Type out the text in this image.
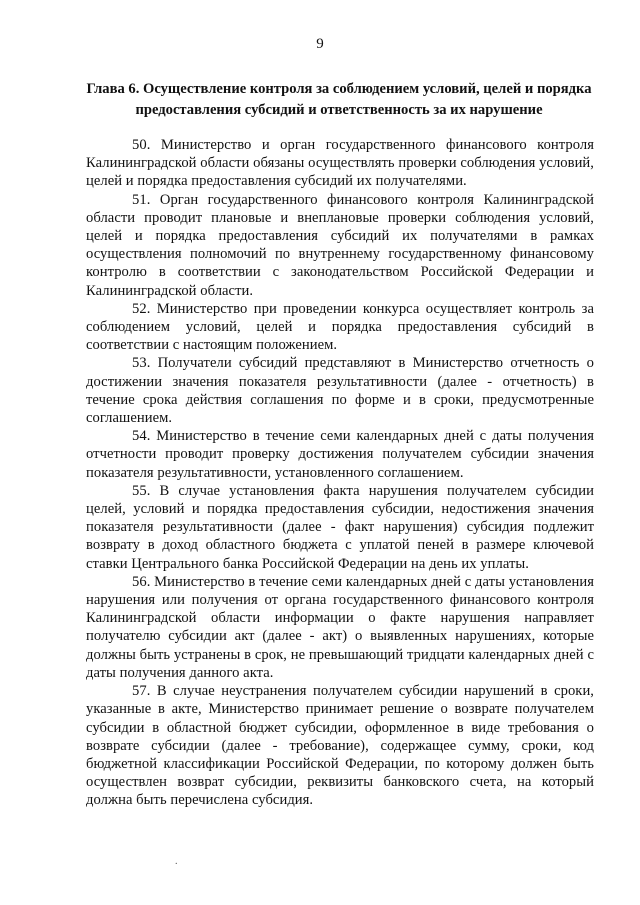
9
Глава 6. Осуществление контроля за соблюдением условий, целей и порядка предоставления субсидий и ответственность за их нарушение

50. Министерство и орган государственного финансового контроля Калининградской области обязаны осуществлять проверки соблюдения условий, целей и порядка предоставления субсидий их получателями.

51. Орган государственного финансового контроля Калининградской области проводит плановые и внеплановые проверки соблюдения условий, целей и порядка предоставления субсидий их получателями в рамках осуществления полномочий по внутреннему государственному финансовому контролю в соответствии с законодательством Российской Федерации и Калининградской области.

52. Министерство при проведении конкурса осуществляет контроль за соблюдением условий, целей и порядка предоставления субсидий в соответствии с настоящим положением.

53. Получатели субсидий представляют в Министерство отчетность о достижении значения показателя результативности (далее - отчетность) в течение срока действия соглашения по форме и в сроки, предусмотренные соглашением.

54. Министерство в течение семи календарных дней с даты получения отчетности проводит проверку достижения получателем субсидии значения показателя результативности, установленного соглашением.

55. В случае установления факта нарушения получателем субсидии целей, условий и порядка предоставления субсидии, недостижения значения показателя результативности (далее - факт нарушения) субсидия подлежит возврату в доход областного бюджета с уплатой пеней в размере ключевой ставки Центрального банка Российской Федерации на день их уплаты.

56. Министерство в течение семи календарных дней с даты установления нарушения или получения от органа государственного финансового контроля Калининградской области информации о факте нарушения направляет получателю субсидии акт (далее - акт) о выявленных нарушениях, которые должны быть устранены в срок, не превышающий тридцати календарных дней с даты получения данного акта.

57. В случае неустранения получателем субсидии нарушений в сроки, указанные в акте, Министерство принимает решение о возврате получателем субсидии в областной бюджет субсидии, оформленное в виде требования о возврате субсидии (далее - требование), содержащее сумму, сроки, код бюджетной классификации Российской Федерации, по которому должен быть осуществлен возврат субсидии, реквизиты банковского счета, на который должна быть перечислена субсидия.

.
